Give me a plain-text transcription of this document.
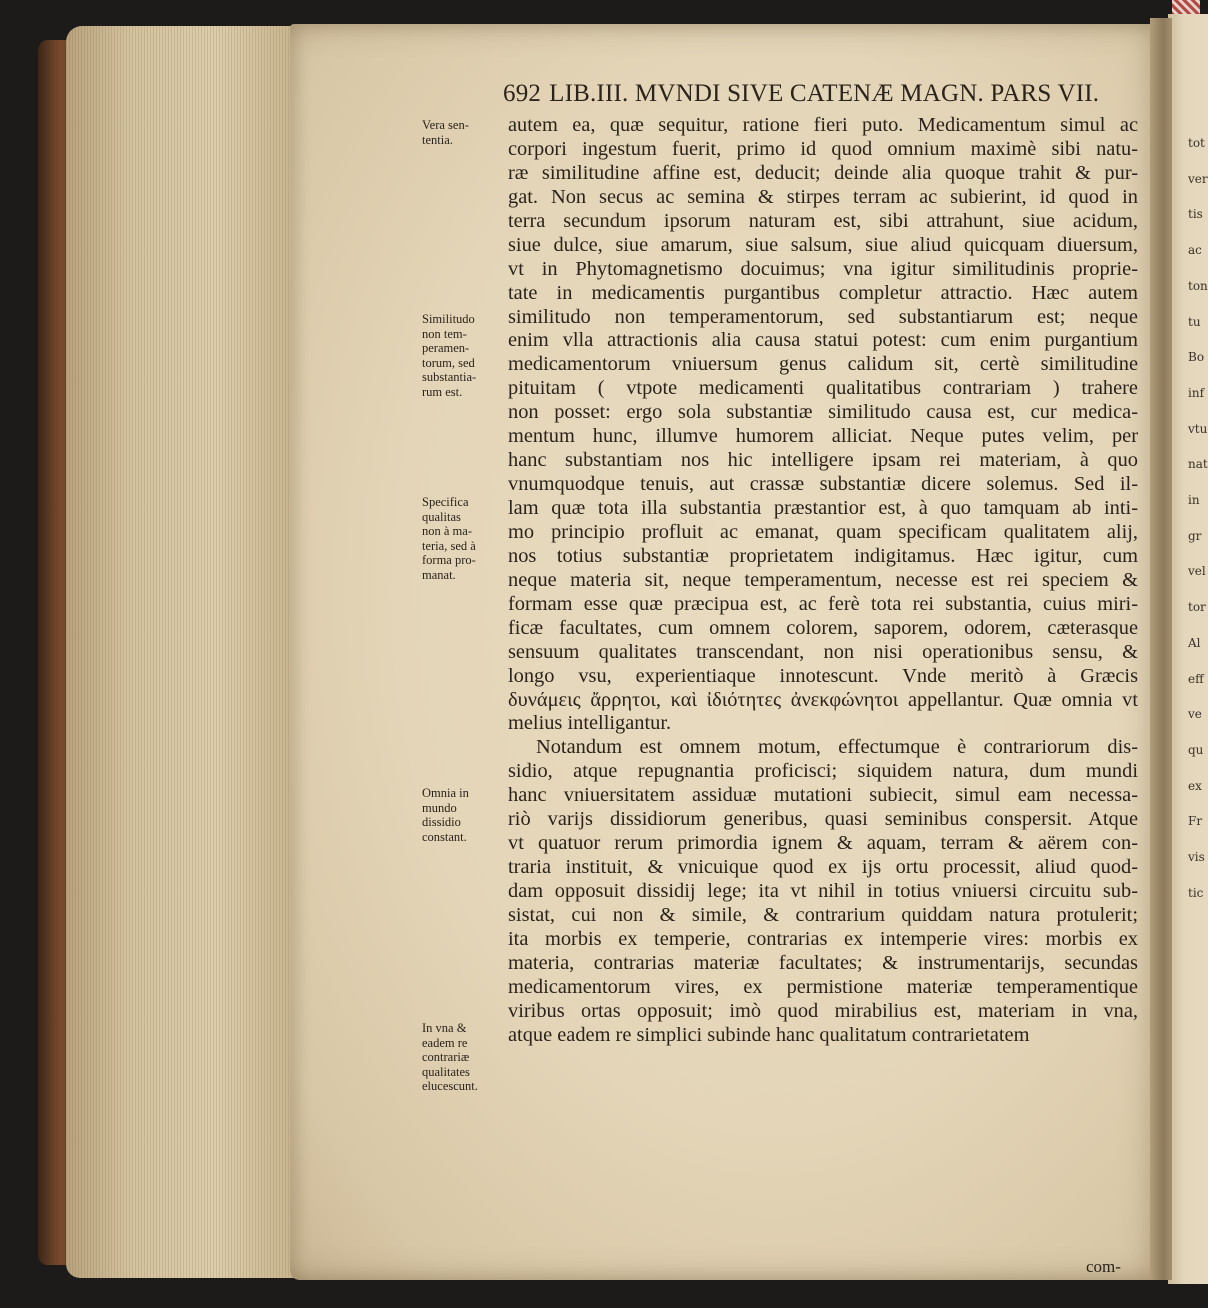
tot
ver
tis
ac
ton
tu
Bo
inf
vtu
nat
in
gr
vel
tor
Al
eff
ve
qu
ex
Fr
vis
tic
692 LIB.III. MVNDI SIVE CATENÆ MAGN. PARS VII.
autem ea, quæ sequitur, ratione fieri puto. Medicamentum simul ac
corpori ingestum fuerit, primo id quod omnium maximè sibi natu-
ræ similitudine affine est, deducit; deinde alia quoque trahit & pur-
gat. Non secus ac semina & stirpes terram ac subierint, id quod in
terra secundum ipsorum naturam est, sibi attrahunt, siue acidum,
siue dulce, siue amarum, siue salsum, siue aliud quicquam diuersum,
vt in Phytomagnetismo docuimus; vna igitur similitudinis proprie-
tate in medicamentis purgantibus completur attractio. Hæc autem
similitudo non temperamentorum, sed substantiarum est; neque
enim vlla attractionis alia causa statui potest: cum enim purgantium
medicamentorum vniuersum genus calidum sit, certè similitudine
pituitam ( vtpote medicamenti qualitatibus contrariam ) trahere
non posset: ergo sola substantiæ similitudo causa est, cur medica-
mentum hunc, illumve humorem alliciat. Neque putes velim, per
hanc substantiam nos hic intelligere ipsam rei materiam, à quo
vnumquodque tenuis, aut crassæ substantiæ dicere solemus. Sed il-
lam quæ tota illa substantia præstantior est, à quo tamquam ab inti-
mo principio profluit ac emanat, quam specificam qualitatem alij,
nos totius substantiæ proprietatem indigitamus. Hæc igitur, cum
neque materia sit, neque temperamentum, necesse est rei speciem &
formam esse quæ præcipua est, ac ferè tota rei substantia, cuius miri-
ficæ facultates, cum omnem colorem, saporem, odorem, cæterasque
sensuum qualitates transcendant, non nisi operationibus sensu, &
longo vsu, experientiaque innotescunt. Vnde meritò à Græcis
δυνάμεις ἄρρητοι, καὶ ἰδιότητες ἀνεκφώνητοι appellantur. Quæ omnia vt
melius intelligantur.
Notandum est omnem motum, effectumque è contrariorum dis-
sidio, atque repugnantia proficisci; siquidem natura, dum mundi
hanc vniuersitatem assiduæ mutationi subiecit, simul eam necessa-
riò varijs dissidiorum generibus, quasi seminibus conspersit. Atque
vt quatuor rerum primordia ignem & aquam, terram & aërem con-
traria instituit, & vnicuique quod ex ijs ortu processit, aliud quod-
dam opposuit dissidij lege; ita vt nihil in totius vniuersi circuitu sub-
sistat, cui non & simile, & contrarium quiddam natura protulerit;
ita morbis ex temperie, contrarias ex intemperie vires: morbis ex
materia, contrarias materiæ facultates; & instrumentarijs, secundas
medicamentorum vires, ex permistione materiæ temperamentique
viribus ortas opposuit; imò quod mirabilius est, materiam in vna,
atque eadem re simplici subinde hanc qualitatum contrarietatem
Vera sen-
tentia.
Similitudo
non tem-
peramen-
torum, sed
substantia-
rum est.
Specifica
qualitas
non à ma-
teria, sed à
forma pro-
manat.
Omnia in
mundo
dissidio
constant.
In vna &
eadem re
contrariæ
qualitates
elucescunt.
com-
